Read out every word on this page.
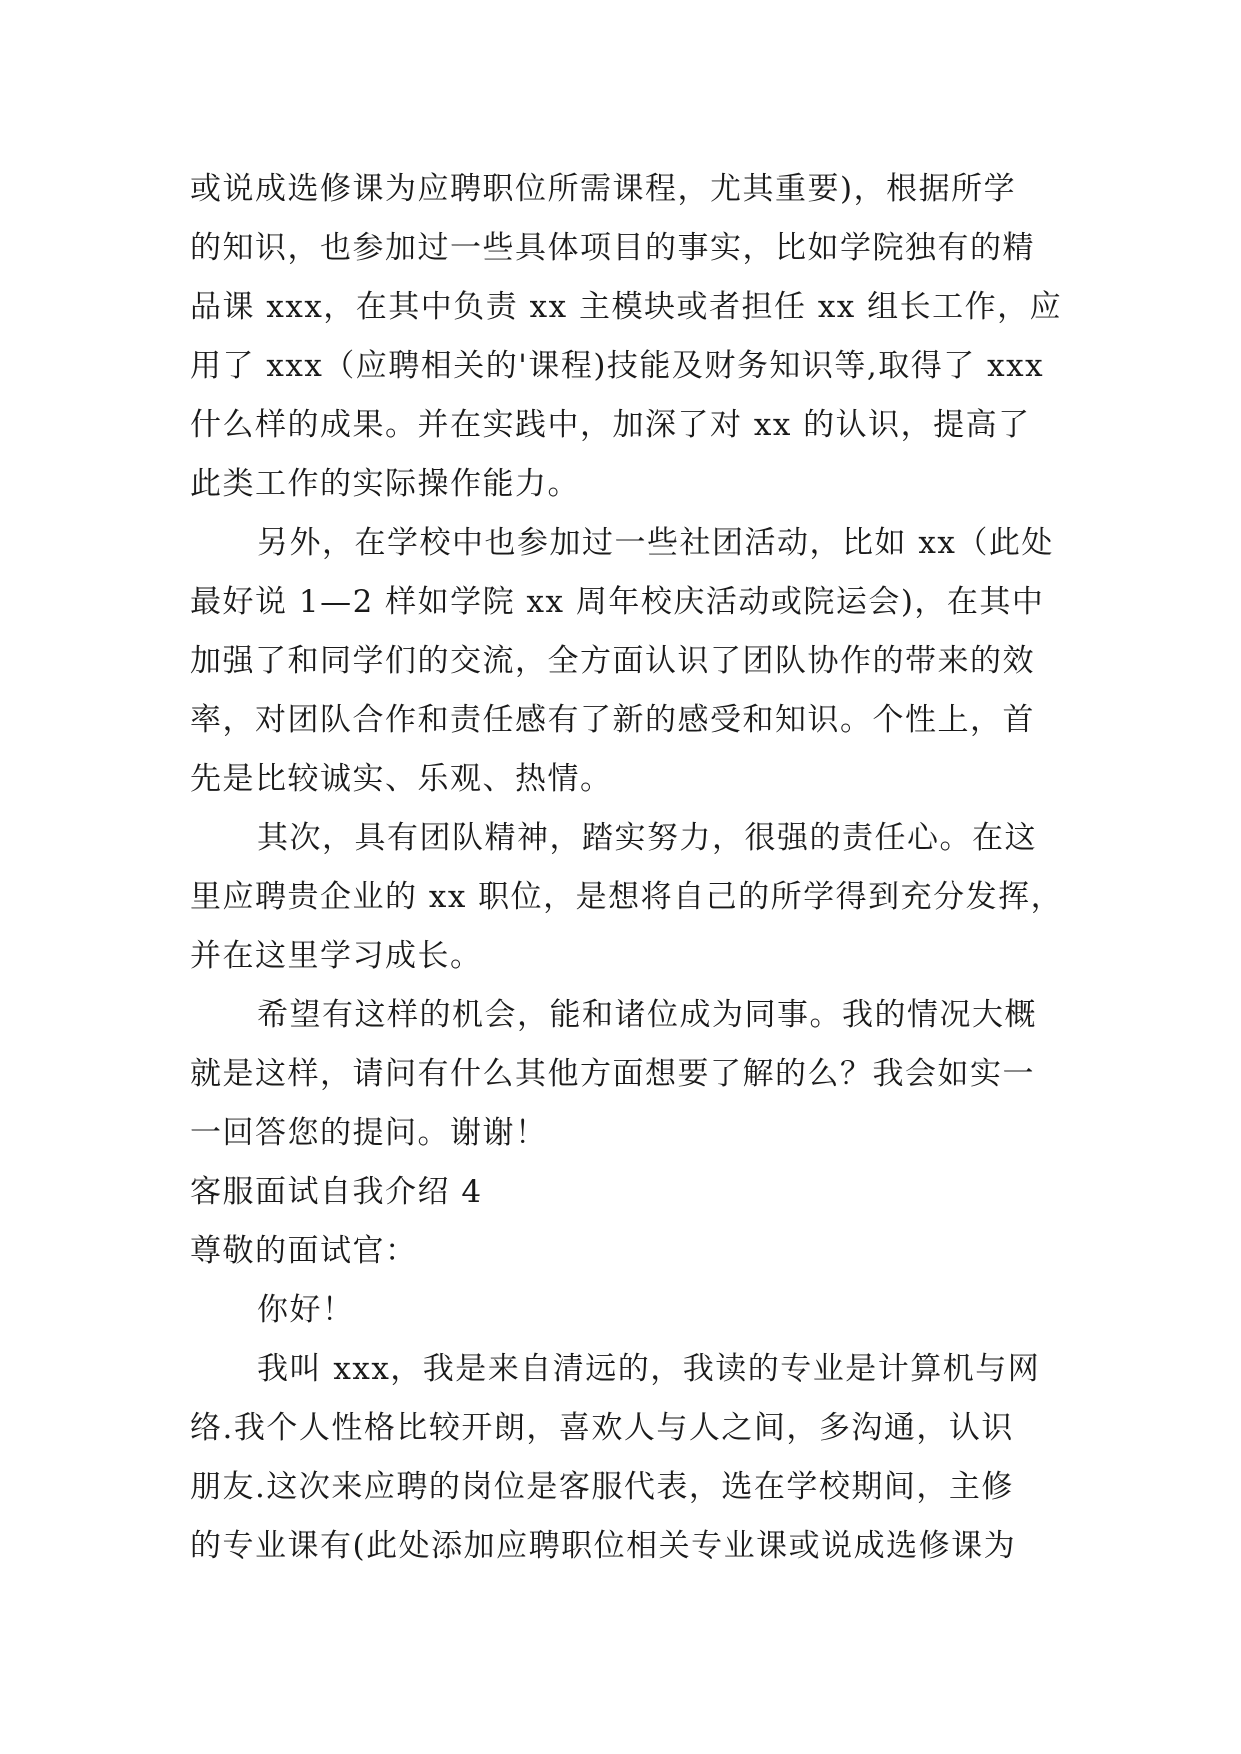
或说成选修课为应聘职位所需课程，尤其重要)，根据所学
的知识，也参加过一些具体项目的事实，比如学院独有的精
品课 xxx，在其中负责 xx 主模块或者担任 xx 组长工作，应
用了 xxx（应聘相关的'课程)技能及财务知识等,取得了 xxx
什么样的成果。并在实践中，加深了对 xx 的认识，提高了
此类工作的实际操作能力。
另外，在学校中也参加过一些社团活动，比如 xx（此处
最好说 1—2 样如学院 xx 周年校庆活动或院运会)，在其中
加强了和同学们的交流，全方面认识了团队协作的带来的效
率，对团队合作和责任感有了新的感受和知识。个性上，首
先是比较诚实、乐观、热情。
其次，具有团队精神，踏实努力，很强的责任心。在这
里应聘贵企业的 xx 职位，是想将自己的所学得到充分发挥，
并在这里学习成长。
希望有这样的机会，能和诸位成为同事。我的情况大概
就是这样，请问有什么其他方面想要了解的么？我会如实一
一回答您的提问。谢谢！
客服面试自我介绍 4
尊敬的面试官：
你好！
我叫 xxx，我是来自清远的，我读的专业是计算机与网
络.我个人性格比较开朗，喜欢人与人之间，多沟通，认识
朋友.这次来应聘的岗位是客服代表，选在学校期间，主修
的专业课有(此处添加应聘职位相关专业课或说成选修课为
